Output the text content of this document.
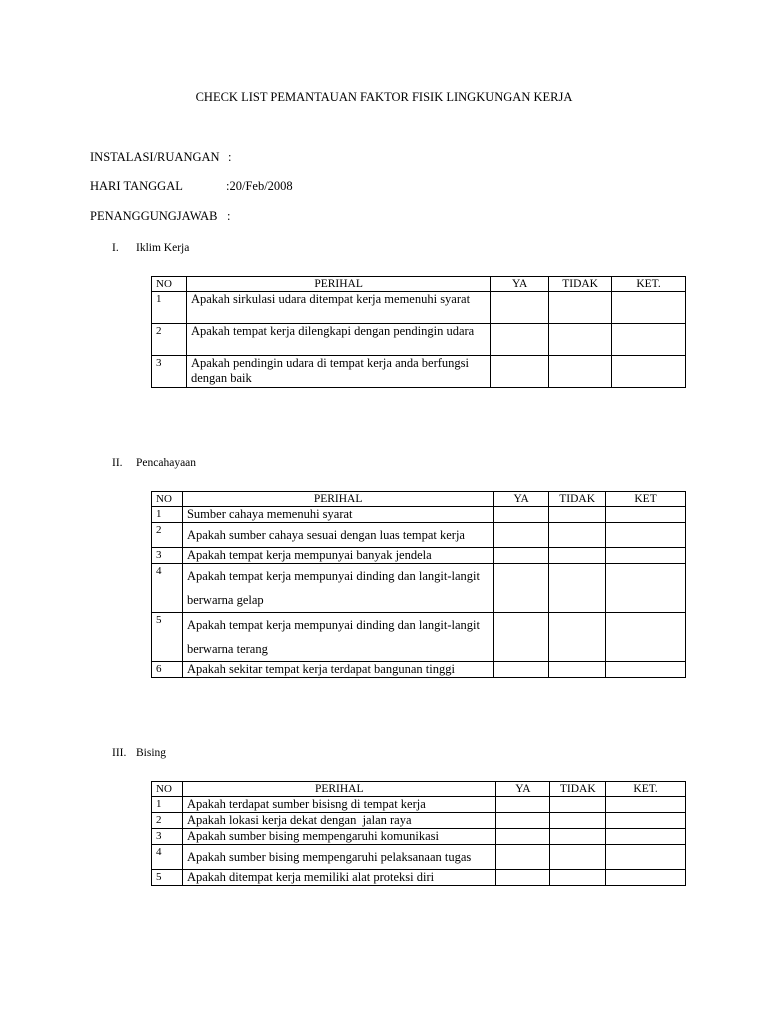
CHECK LIST PEMANTAUAN FAKTOR FISIK LINGKUNGAN KERJA
INSTALASI/RUANGAN :
HARI TANGGAL	:20/Feb/2008
PENANGGUNGJAWAB :
I. Iklim Kerja
NO	PERIHAL	YA	TIDAK	KET.
1	Apakah sirkulasi udara ditempat kerja memenuhi syarat			
2	Apakah tempat kerja dilengkapi dengan pendingin udara			
3	Apakah pendingin udara di tempat kerja anda berfungsi dengan baik			
II. Pencahayaan
NO	PERIHAL	YA	TIDAK	KET
1	Sumber cahaya memenuhi syarat			
2	Apakah sumber cahaya sesuai dengan luas tempat kerja			
3	Apakah tempat kerja mempunyai banyak jendela			
4	Apakah tempat kerja mempunyai dinding dan langit-langit berwarna gelap			
5	Apakah tempat kerja mempunyai dinding dan langit-langit berwarna terang			
6	Apakah sekitar tempat kerja terdapat bangunan tinggi			
III. Bising
NO	PERIHAL	YA	TIDAK	KET.
1	Apakah terdapat sumber bisisng di tempat kerja			
2	Apakah lokasi kerja dekat dengan  jalan raya			
3	Apakah sumber bising mempengaruhi komunikasi			
4	Apakah sumber bising mempengaruhi pelaksanaan tugas			
5	Apakah ditempat kerja memiliki alat proteksi diri			
